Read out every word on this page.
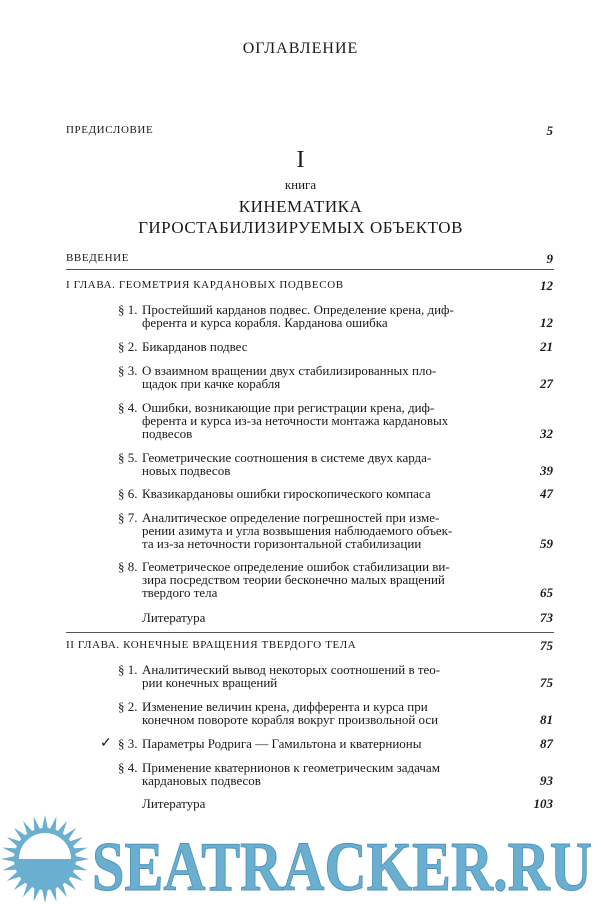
ОГЛАВЛЕНИЕ
ПРЕДИСЛОВИЕ	5
I
книга
КИНЕМАТИКА
ГИРОСТАБИЛИЗИРУЕМЫХ ОБЪЕКТОВ
ВВЕДЕНИЕ	9
I ГЛАВА. ГЕОМЕТРИЯ КАРДАНОВЫХ ПОДВЕСОВ	12
§ 1. Простейший карданов подвес. Определение крена, диф-
ферента и курса корабля. Карданова ошибка	12
§ 2. Бикарданов подвес	21
§ 3. О взаимном вращении двух стабилизированных пло-
щадок при качке корабля	27
§ 4. Ошибки, возникающие при регистрации крена, диф-
ферента и курса из-за неточности монтажа кардановых
подвесов	32
§ 5. Геометрические соотношения в системе двух карда-
новых подвесов	39
§ 6. Квазикардановы ошибки гироскопического компаса	47
§ 7. Аналитическое определение погрешностей при изме-
рении азимута и угла возвышения наблюдаемого объек-
та из-за неточности горизонтальной стабилизации	59
§ 8. Геометрическое определение ошибок стабилизации ви-
зира посредством теории бесконечно малых вращений
твердого тела	65
Литература	73
II ГЛАВА. КОНЕЧНЫЕ ВРАЩЕНИЯ ТВЕРДОГО ТЕЛА	75
§ 1. Аналитический вывод некоторых соотношений в тео-
рии конечных вращений	75
§ 2. Изменение величин крена, дифферента и курса при
конечном повороте корабля вокруг произвольной оси	81
✓ § 3. Параметры Родрига — Гамильтона и кватернионы	87
§ 4. Применение кватернионов к геометрическим задачам
кардановых подвесов	93
Литература	103
SEATRACKER.RU
